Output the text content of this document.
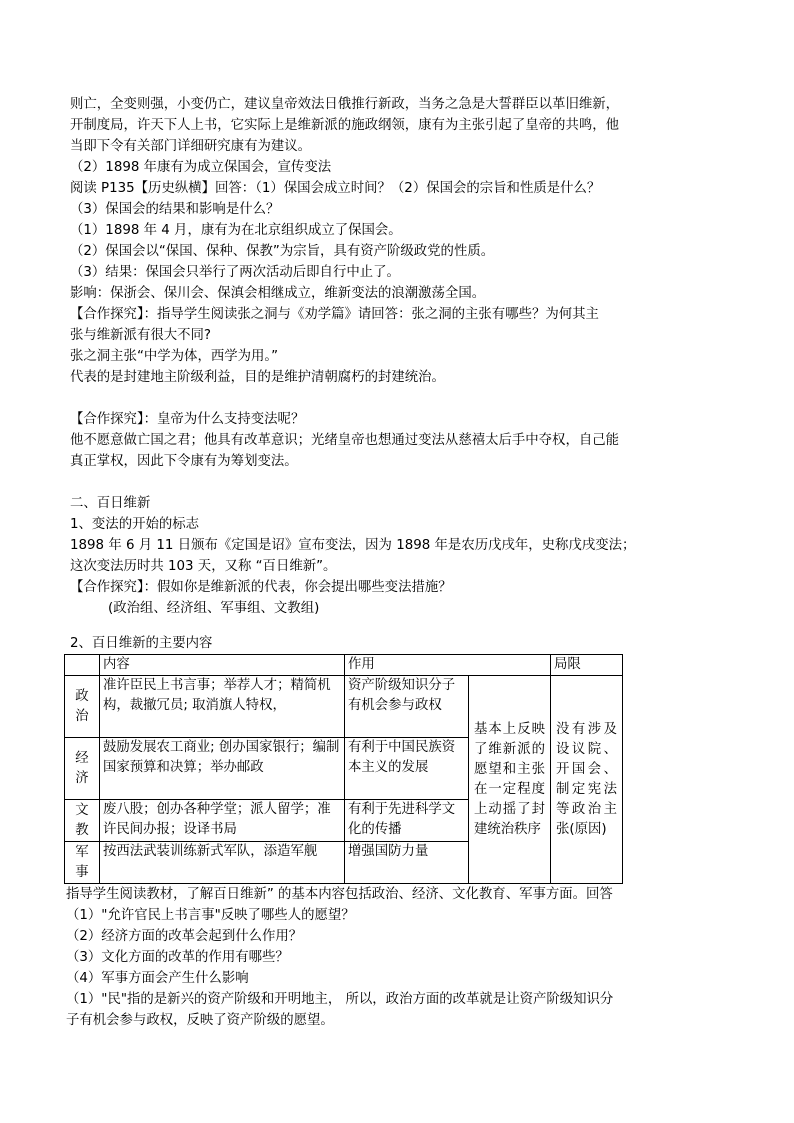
则亡，全变则强，小变仍亡，建议皇帝效法日俄推行新政，当务之急是大誓群臣以革旧维新，
开制度局，许天下人上书，它实际上是维新派的施政纲领，康有为主张引起了皇帝的共鸣，他
当即下令有关部门详细研究康有为建议。
（2）1898 年康有为成立保国会，宣传变法
阅读 P135【历史纵横】回答：（1）保国会成立时间？（2）保国会的宗旨和性质是什么？
（3）保国会的结果和影响是什么？
（1）1898 年 4 月，康有为在北京组织成立了保国会。
（2）保国会以“保国、保种、保教”为宗旨，具有资产阶级政党的性质。
（3）结果：保国会只举行了两次活动后即自行中止了。
影响：保浙会、保川会、保滇会相继成立，维新变法的浪潮激荡全国。
【合作探究】：指导学生阅读张之洞与《劝学篇》请回答：张之洞的主张有哪些？为何其主
张与维新派有很大不同?
张之洞主张“中学为体，西学为用。”
代表的是封建地主阶级利益，目的是维护清朝腐朽的封建统治。
【合作探究】：皇帝为什么支持变法呢？
他不愿意做亡国之君；他具有改革意识；光绪皇帝也想通过变法从慈禧太后手中夺权，自己能
真正掌权，因此下令康有为筹划变法。
二、百日维新
1、变法的开始的标志
1898 年 6 月 11 日颁布《定国是诏》宣布变法，因为 1898 年是农历戊戌年，史称戊戌变法；
这次变法历时共 103 天，又称 “百日维新”。
【合作探究】：假如你是维新派的代表，你会提出哪些变法措施？
(政治组、经济组、军事组、文教组)
2、百日维新的主要内容
	内容	作用		局限
政
治	准许臣民上书言事；举荐人才；精简机构，裁撤冗员; 取消旗人特权，	资产阶级知识分子有机会参与政权	基本上反映了维新派的愿望和主张在一定程度上动摇了封建统治秩序	没有涉及设议院、开国会、制定宪法等政治主张(原因)
经
济	鼓励发展农工商业; 创办国家银行；编制国家预算和决算；举办邮政	有利于中国民族资本主义的发展		
文
教	废八股；创办各种学堂；派人留学；准许民间办报；设译书局	有利于先进科学文化的传播		
军
事	按西法武装训练新式军队，添造军舰	增强国防力量		
指导学生阅读教材，了解百日维新” 的基本内容包括政治、经济、文化教育、军事方面。回答
（1）"允许官民上书言事"反映了哪些人的愿望？
（2）经济方面的改革会起到什么作用？
（3）文化方面的改革的作用有哪些？
（4）军事方面会产生什么影响
（1）"民"指的是新兴的资产阶级和开明地主， 所以，政治方面的改革就是让资产阶级知识分
子有机会参与政权，反映了资产阶级的愿望。
